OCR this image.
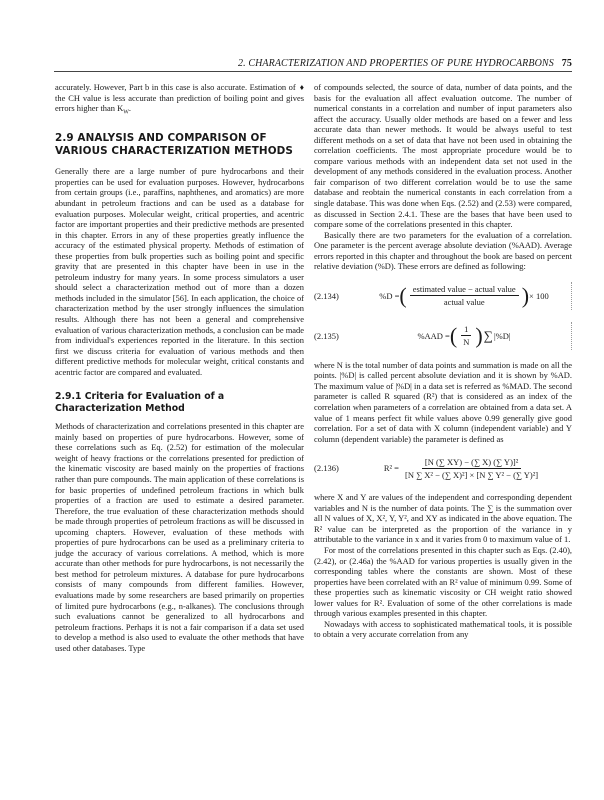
2. CHARACTERIZATION AND PROPERTIES OF PURE HYDROCARBONS 75

♦
accurately. However, Part b in this case is also accurate. Estimation of the CH value is less accurate than prediction of boiling point and gives errors higher than $K_W$.

2.9 ANALYSIS AND COMPARISON OF VARIOUS CHARACTERIZATION METHODS

Generally there are a large number of pure hydrocarbons and their properties can be used for evaluation purposes. However, hydrocarbons from certain groups (i.e., paraffins, naphthenes, and aromatics) are more abundant in petroleum fractions and can be used as a database for evaluation purposes. Molecular weight, critical properties, and acentric factor are important properties and their predictive methods are presented in this chapter. Errors in any of these properties greatly influence the accuracy of the estimated physical property. Methods of estimation of these properties from bulk properties such as boiling point and specific gravity that are presented in this chapter have been in use in the petroleum industry for many years. In some process simulators a user should select a characterization method out of more than a dozen methods included in the simulator [56]. In each application, the choice of characterization method by the user strongly influences the simulation results. Although there has not been a general and comprehensive evaluation of various characterization methods, a conclusion can be made from individual's experiences reported in the literature. In this section first we discuss criteria for evaluation of various methods and then different predictive methods for molecular weight, critical constants and acentric factor are compared and evaluated.

2.9.1 Criteria for Evaluation of a Characterization Method

Methods of characterization and correlations presented in this chapter are mainly based on properties of pure hydrocarbons. However, some of these correlations such as Eq. (2.52) for estimation of the molecular weight of heavy fractions or the correlations presented for prediction of the kinematic viscosity are based mainly on the properties of fractions rather than pure compounds. The main application of these correlations is for basic properties of undefined petroleum fractions in which bulk properties of a fraction are used to estimate a desired parameter. Therefore, the true evaluation of these characterization methods should be made through properties of petroleum fractions as will be discussed in upcoming chapters. However, evaluation of these methods with properties of pure hydrocarbons can be used as a preliminary criteria to judge the accuracy of various correlations. A method, which is more accurate than other methods for pure hydrocarbons, is not necessarily the best method for petroleum mixtures. A database for pure hydrocarbons consists of many compounds from different families. However, evaluations made by some researchers are based primarily on properties of limited pure hydrocarbons (e.g., n-alkanes). The conclusions through such evaluations cannot be generalized to all hydrocarbons and petroleum fractions. Perhaps it is not a fair comparison if a data set used to develop a method is also used to evaluate the other methods that have used other databases. Type

of compounds selected, the source of data, number of data points, and the basis for the evaluation all affect evaluation outcome. The number of numerical constants in a correlation and number of input parameters also affect the accuracy. Usually older methods are based on a fewer and less accurate data than newer methods. It would be always useful to test different methods on a set of data that have not been used in obtaining the correlation coefficients. The most appropriate procedure would be to compare various methods with an independent data set not used in the development of any methods considered in the evaluation process. Another fair comparison of two different correlation would be to use the same database and reobtain the numerical constants in each correlation from a single database. This was done when Eqs. (2.52) and (2.53) were compared, as discussed in Section 2.4.1. These are the bases that have been used to compare some of the correlations presented in this chapter.

Basically there are two parameters for the evaluation of a correlation. One parameter is the percent average absolute deviation (%AAD). Average errors reported in this chapter and throughout the book are based on percent relative deviation (%D). These errors are defined as following:

(2.134)	%D = ( $\frac{\text{estimated value − actual value}}{\text{actual value}}$ ) × 100
(2.135)	%AAD = ( $\frac{1}{N}$ ) ∑ |%D|

where N is the total number of data points and summation is made on all the points. |%D| is called percent absolute deviation and it is shown by %AD. The maximum value of |%D| in a data set is referred as %MAD. The second parameter is called R squared (R²) that is considered as an index of the correlation when parameters of a correlation are obtained from a data set. A value of 1 means perfect fit while values above 0.99 generally give good correlation. For a set of data with X column (independent variable) and Y column (dependent variable) the parameter is defined as

(2.136)	$R^2 = \frac{\text{[N (∑ XY) − (∑ X) (∑ Y)]²}}{\text{[N ∑ X² − (∑ X)²] × [N ∑ Y² − (∑ Y)²]}}$

where X and Y are values of the independent and corresponding dependent variables and N is the number of data points. The ∑ is the summation over all N values of X, X², Y, Y², and XY as indicated in the above equation. The R² value can be interpreted as the proportion of the variance in y attributable to the variance in x and it varies from 0 to maximum value of 1.

For most of the correlations presented in this chapter such as Eqs. (2.40), (2.42), or (2.46a) the %AAD for various properties is usually given in the corresponding tables where the constants are shown. Most of these properties have been correlated with an R² value of minimum 0.99. Some of these properties such as kinematic viscosity or CH weight ratio showed lower values for R². Evaluation of some of the other correlations is made through various examples presented in this chapter.

Nowadays with access to sophisticated mathematical tools, it is possible to obtain a very accurate correlation from any
